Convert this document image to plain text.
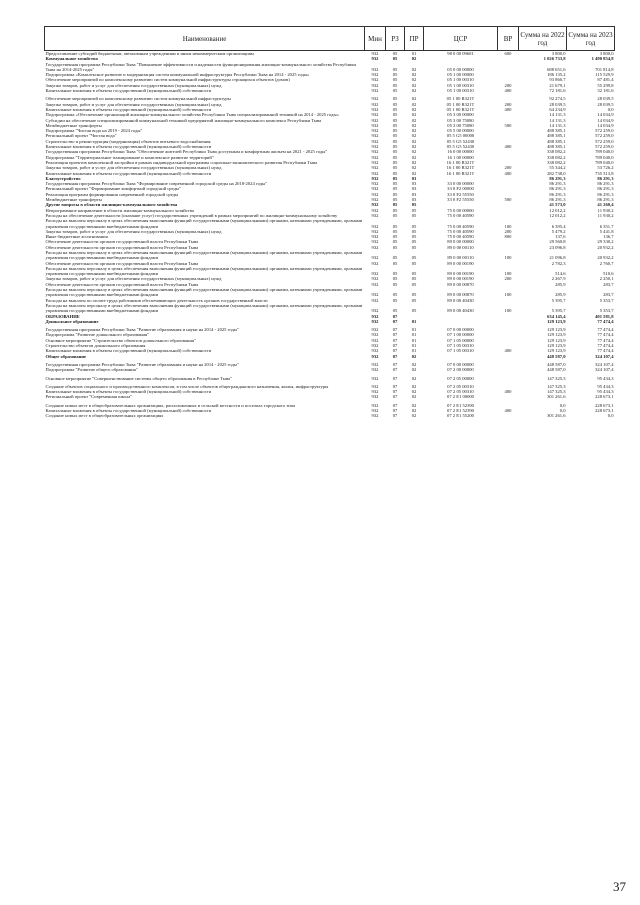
Наименование	Мин	РЗ	ПР	ЦСР	ВР	Сумма на 2022 год	Сумма на 2023 год
Предоставление субсидий бюджетным, автономным учреждениям и иным некоммерческим организациям	932	05	01	98 0 00 09601	600	3 800,0	3 800,0
Коммунальное хозяйство	932	05	02			1 026 733,8	1 490 854,8
Государственная программа Республики Тыва "Повышение эффективности и надежности функционирования жилищно-коммунального хозяйства Республики Тыва на 2014-2025 годы"	932	05	02	05 0 00 00000		688 651,6	701 814,8
Подпрограмма «Комплексное развитие и модернизация систем коммунальной инфраструктуры Республики Тыва на 2014 - 2025 годы»	932	05	02	05 1 00 00000		186 135,2	115 529,9
Обеспечение мероприятий по комплексному развитию систем коммунальной инфраструктуры строящихся объектов (домов)	932	05	02	05 1 00 00310		93 860,7	87 481,4
Закупка товаров, работ и услуг для обеспечения государственных (муниципальных) нужд	932	05	02	05 1 00 00310	200	21 679,1	55 299,8
Капитальные вложения в объекты государственной (муниципальной) собственности	932	05	02	05 1 00 00310	400	72 181,6	32 181,6

Обеспечение мероприятий по комплексному развитию систем коммунальной инфраструктуры	932	05	02	05 1 00 R321Т		92 274,5	28 039,5
Закупка товаров, работ и услуг для обеспечения государственных (муниципальных) нужд	932	05	02	05 1 00 R321Т	200	28 039,5	28 039,5
Капитальные вложения в объекты государственной (муниципальной) собственности	932	05	02	05 1 00 R321Т	400	64 234,9	0,0
Подпрограмма «Обеспечение организаций жилищно-коммунального хозяйства Республики Тыва специализированной техникой на 2014 - 2025 годы»	932	05	02	05 3 00 00000		14 131,3	14 034,9
Субсидии на обеспечение специализированной коммунальной техникой предприятий жилищно-коммунального комплекса Республики Тыва	932	05	02	05 3 00 75080		14 131,3	14 034,9
Межбюджетные трансферты	932	05	02	05 3 00 75080	500	14 131,3	14 034,9
Подпрограмма "Чистая вода на 2019 - 2024 годы"	932	05	02	05 5 00 00000		488 385,1	572 259,0
Региональный проект "Чистая вода"	932	05	02	05 5 G5 00000		488 385,1	572 259,0
Строительство и реконструкция (модернизация) объектов питьевого водоснабжения	932	05	02	05 5 G5 52430		488 385,1	572 259,0
Капитальные вложения в объекты государственной (муниципальной) собственности	932	05	02	05 5 G5 52430	400	488 385,1	572 259,0
Государственная программа Республики Тыва "Обеспечение жителей Республики Тыва доступным и комфортным жильем на 2021 - 2025 годы"	932	05	02	16 0 00 00000		338 082,2	789 040,0
Подпрограмма "Территориальное планирование и комплексное развитие территорий"	932	05	02	16 1 00 00000		338 082,2	789 040,0
Реализация проектов комплексной застройки в рамках индивидуальной программы социально-экономического развития Республики Тыва	932	05	02	16 1 00 R321Т		338 082,2	789 040,0
Закупка товаров, работ и услуг для обеспечения государственных (муниципальных) нужд	932	05	02	16 1 00 R321Т	200	55 344,2	53 726,2
Капитальные вложения в объекты государственной (муниципальной) собственности	932	05	02	16 1 00 R321Т	400	282 738,0	735 313,8
Благоустройство	932	05	03			86 291,3	86 291,3
Государственная программа Республики Тыва "Формирование современной городской среды на 2018-2024 годы"	932	05	03	33 0 00 00000		86 291,3	86 291,3
Региональный проект "Формирование комфортной городской среды"	932	05	03	33 0 F2 00000		86 291,3	86 291,3
Реализация программ формирования современной городской среды	932	05	03	33 0 F2 55550		86 291,3	86 291,3
Межбюджетные трансферты	932	05	03	33 0 F2 55550	500	86 291,3	86 291,3
Другие вопросы в области жилищно-коммунального хозяйства	932	05	05			41 573,0	41 260,4
Непрограммное направление в области жилищно-коммунального хозяйства	932	05	05	75 0 00 00000		12 012,2	11 930,2
Расходы на обеспечение деятельности (оказание услуг) государственных учреждений в рамках мероприятий по жилищно-коммунальному хозяйству	932	05	05	75 0 00 40590		12 012,2	11 930,2
Расходы на выплаты персоналу в целях обеспечения выполнения функций государственными (муниципальными) органами, казенными учреждениями, органами управления государственными внебюджетными фондами	932	05	05	75 0 00 40590	100	6 395,4	6 351,7
Закупка товаров, работ и услуг для обеспечения государственных (муниципальных) нужд	932	05	05	75 0 00 40590	200	5 479,2	5 441,8
Иные бюджетные ассигнования	932	05	05	75 0 00 40590	800	137,6	136,7
Обеспечение деятельности органов государственной власти Республики Тыва	932	05	05	89 0 00 00000		29 560,8	29 330,2
Обеспечение деятельности органов государственной власти Республики Тыва	932	05	05	89 0 00 00110		23 096,8	20 932,2
Расходы на выплаты персоналу в целях обеспечения выполнения функций государственными (муниципальными) органами, казенными учреждениями, органами управления государственными внебюджетными фондами	932	05	05	89 0 00 00110	100	21 096,8	20 932,2
Обеспечение деятельности органов государственной власти Республики Тыва	932	05	05	89 0 00 00190		2 782,3	2 760,7
Расходы на выплаты персоналу в целях обеспечения выполнения функций государственными (муниципальными) органами, казенными учреждениями, органами управления государственными внебюджетными фондами	932	05	05	89 0 00 00190	100	514,6	510,6
Закупка товаров, работ и услуг для обеспечения государственных (муниципальных) нужд	932	05	05	89 0 00 00190	200	2 267,9	2 250,1
Обеспечение деятельности органов государственной власти Республики Тыва	932	05	05	89 0 00 00870		285,9	283,7
Расходы на выплаты персоналу в целях обеспечения выполнения функций государственными (муниципальными) органами, казенными учреждениями, органами управления государственными внебюджетными фондами	932	05	05	89 0 00 00870	100	285,9	283,7
Расходы на выплаты по оплате труда работников обеспечивающих деятельность органов государственной власти	932	05	05	89 0 00 40430		5 395,7	5 353,7
Расходы на выплаты персоналу в целях обеспечения выполнения функций государственными (муниципальными) органами, казенными учреждениями, органами управления государственными внебюджетными фондами	932	05	05	89 0 00 40430	100	5 395,7	5 353,7
ОБРАЗОВАНИЕ	932	07				634 145,4	401 581,8
Дошкольное образование	932	07	01			129 123,9	77 474,4

Государственная программа Республики Тыва "Развитие образования и науки на 2014 - 2025 годы"	932	07	01	07 0 00 00000		129 123,9	77 474,4
Подпрограмма "Развитие дошкольного образования"	932	07	01	07 1 00 00000		129 123,9	77 474,4
Основное мероприятие "Строительство объектов дошкольного образования"	932	07	01	07 1 05 00000		129 123,9	77 474,4
Строительство объектов дошкольного образования	932	07	01	07 1 05 00310		129 123,9	77 474,4
Капитальные вложения в объекты государственной (муниципальной) собственности	932	07	01	07 1 05 00310	400	129 123,9	77 474,4
Общее образование	932	07	02			448 587,0	324 107,4

Государственная программа Республики Тыва "Развитие образования и науки на 2014 - 2025 годы"	932	07	02	07 0 00 00000		448 587,0	324 107,4
Подпрограмма "Развитие общего образования"	932	07	02	07 2 00 00000		448 587,0	324 107,4

Основное мероприятие "Совершенствование системы общего образования в Республике Тыва"	932	07	02	07 2 05 00000		147 325,3	95 434,3

Создание объектов социального и производственного комплексов, в том числе объектов общегражданского назначения, жилья, инфраструктуры	932	07	02	07 2 05 00310		147 325,3	95 434,3
Капитальные вложения в объекты государственной (муниципальной) собственности	932	07	02	07 2 05 00310	400	147 325,3	95 434,3
Региональный проект "Современная школа"	932	07	02	07 2 E1 00000		301 261,6	228 673,1

Создание новых мест в общеобразовательных организациях, расположенных в сельской местности и поселках городского типа	932	07	02	07 2 E1 52390		0,0	228 673,1
Капитальные вложения в объекты государственной (муниципальной) собственности	932	07	02	07 2 E1 52390	400	0,0	228 673,1
Создание новых мест в общеобразовательных организациях	932	07	02	07 2 E1 55200		301 261,6	0,0
37
